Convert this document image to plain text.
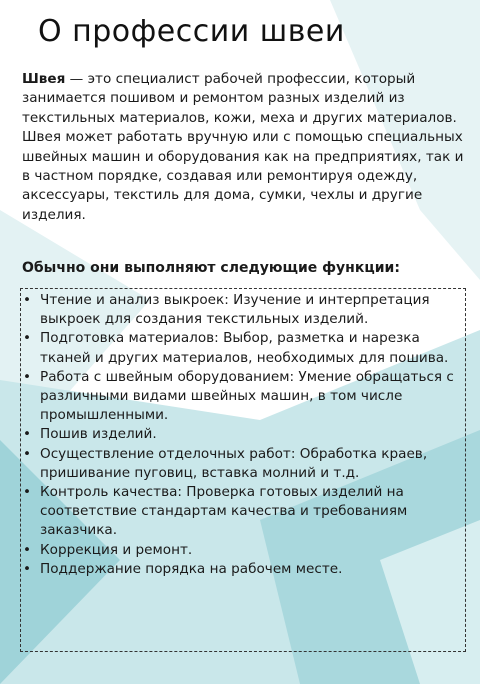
О профессии швеи

Швея — это специалист рабочей профессии, который занимается пошивом и ремонтом разных изделий из текстильных материалов, кожи, меха и других материалов. Швея может работать вручную или с помощью специальных швейных машин и оборудования как на предприятиях, так и в частном порядке, создавая или ремонтируя одежду, аксессуары, текстиль для дома, сумки, чехлы и другие изделия.

Обычно они выполняют следующие функции:
• Чтение и анализ выкроек: Изучение и интерпретация выкроек для создания текстильных изделий.
• Подготовка материалов: Выбор, разметка и нарезка тканей и других материалов, необходимых для пошива.
• Работа с швейным оборудованием: Умение обращаться с различными видами швейных машин, в том числе промышленными.
• Пошив изделий.
• Осуществление отделочных работ: Обработка краев, пришивание пуговиц, вставка молний и т.д.
• Контроль качества: Проверка готовых изделий на соответствие стандартам качества и требованиям заказчика.
• Коррекция и ремонт.
• Поддержание порядка на рабочем месте.
